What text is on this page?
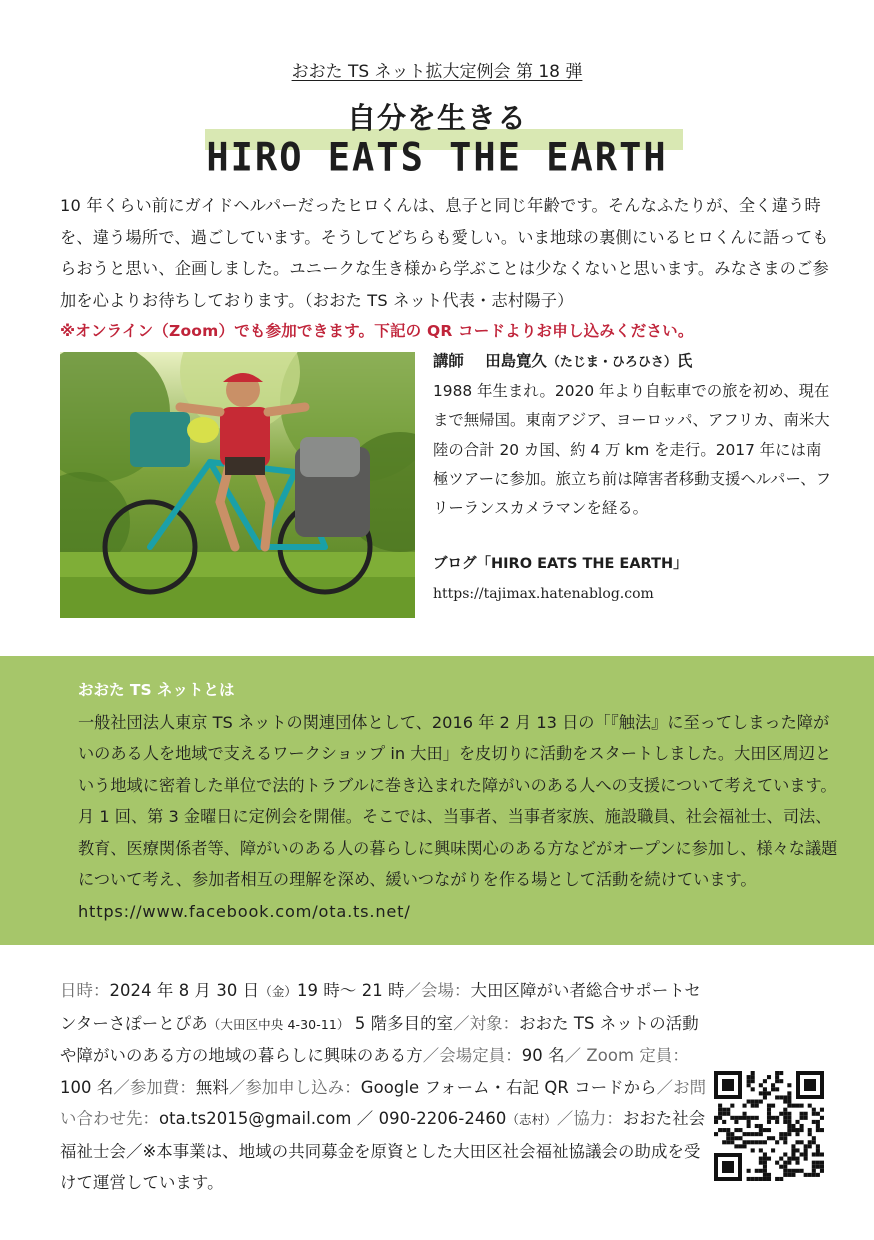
おおた TS ネット拡大定例会 第 18 弾
自分を生きる
HIRO EATS THE EARTH

10 年くらい前にガイドヘルパーだったヒロくんは、息子と同じ年齢です。そんなふたりが、全く違う時を、違う場所で、過ごしています。そうしてどちらも愛しい。いま地球の裏側にいるヒロくんに語ってもらおうと思い、企画しました。ユニークな生き様から学ぶことは少なくないと思います。みなさまのご参加を心よりお待ちしております。（おおた TS ネット代表・志村陽子）

※オンライン（Zoom）でも参加できます。下記の QR コードよりお申し込みください。

講師 田島寛久（たじま・ひろひさ）氏
1988 年生まれ。2020 年より自転車での旅を初め、現在まで無帰国。東南アジア、ヨーロッパ、アフリカ、南米大陸の合計 20 カ国、約 4 万 km を走行。2017 年には南極ツアーに参加。旅立ち前は障害者移動支援ヘルパー、フリーランスカメラマンを経る。
ブログ「HIRO EATS THE EARTH」
https://tajimax.hatenablog.com
おおた TS ネットとは
一般社団法人東京 TS ネットの関連団体として、2016 年 2 月 13 日の「『触法』に至ってしまった障がいのある人を地域で支えるワークショップ in 大田」を皮切りに活動をスタートしました。大田区周辺という地域に密着した単位で法的トラブルに巻き込まれた障がいのある人への支援について考えています。月 1 回、第 3 金曜日に定例会を開催。そこでは、当事者、当事者家族、施設職員、社会福祉士、司法、教育、医療関係者等、障がいのある人の暮らしに興味関心のある方などがオープンに参加し、様々な議題について考え、参加者相互の理解を深め、緩いつながりを作る場として活動を続けています。
https://www.facebook.com/ota.ts.net/
日時：2024 年 8 月 30 日（金）19 時～ 21 時／会場：大田区障がい者総合サポートセンターさぽーとぴあ（大田区中央 4-30-11） 5 階多目的室／対象：おおた TS ネットの活動や障がいのある方の地域の暮らしに興味のある方／会場定員：90 名／ Zoom 定員：100 名／参加費：無料／参加申し込み：Google フォーム・右記 QR コードから／お問い合わせ先：ota.ts2015@gmail.com ／ 090-2206-2460（志村）／協力：おおた社会福祉士会／※本事業は、地域の共同募金を原資とした大田区社会福祉協議会の助成を受けて運営しています。
